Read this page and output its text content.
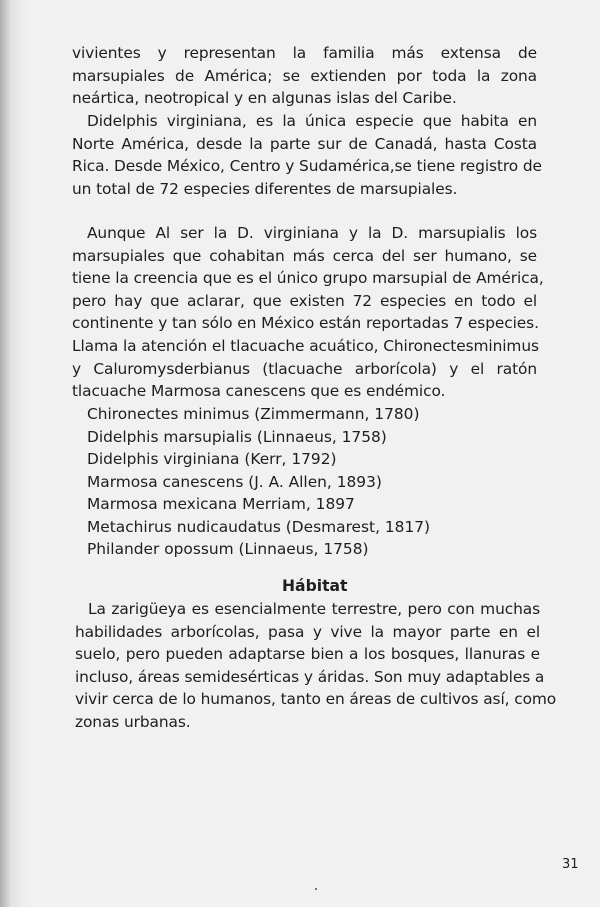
vivientes y representan la familia más extensa de
marsupiales de América; se extienden por toda la zona
neártica, neotropical y en algunas islas del Caribe.
Didelphis virginiana, es la única especie que habita en
Norte América, desde la parte sur de Canadá, hasta Costa
Rica. Desde México, Centro y Sudamérica,se tiene registro de
un total de 72 especies diferentes de marsupiales.
Aunque Al ser la D. virginiana y la D. marsupialis los
marsupiales que cohabitan más cerca del ser humano, se
tiene la creencia que es el único grupo marsupial de América,
pero hay que aclarar, que existen 72 especies en todo el
continente y tan sólo en México están reportadas 7 especies.
Llama la atención el tlacuache acuático, Chironectesminimus
y Caluromysderbianus (tlacuache arborícola) y el ratón
tlacuache Marmosa canescens que es endémico.
Chironectes minimus (Zimmermann, 1780)
Didelphis marsupialis (Linnaeus, 1758)
Didelphis virginiana (Kerr, 1792)
Marmosa canescens (J. A. Allen, 1893)
Marmosa mexicana Merriam, 1897
Metachirus nudicaudatus (Desmarest, 1817)
Philander opossum (Linnaeus, 1758)
Hábitat
La zarigüeya es esencialmente terrestre, pero con muchas
habilidades arborícolas, pasa y vive la mayor parte en el
suelo, pero pueden adaptarse bien a los bosques, llanuras e
incluso, áreas semidesérticas y áridas. Son muy adaptables a
vivir cerca de lo humanos, tanto en áreas de cultivos así, como
zonas urbanas.

31
